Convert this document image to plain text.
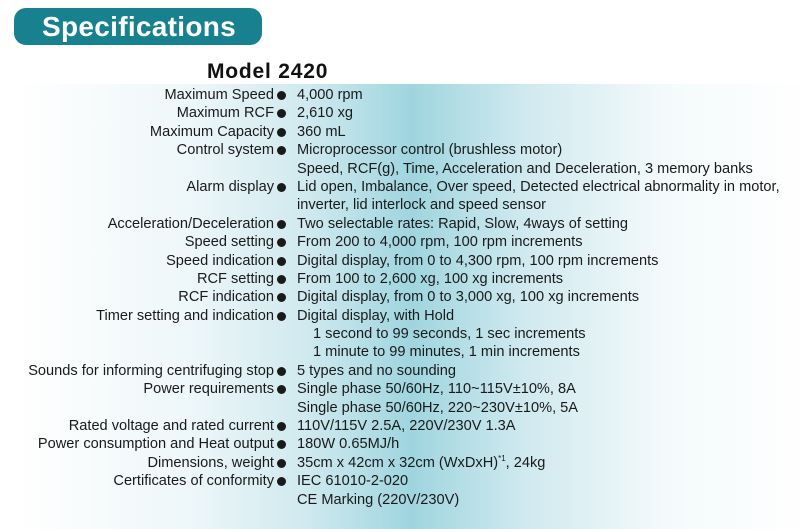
Specifications
Model 2420
Maximum Speed 4,000 rpm
Maximum RCF 2,610 xg
Maximum Capacity 360 mL
Control system Microprocessor control (brushless motor)
Speed, RCF(g), Time, Acceleration and Deceleration, 3 memory banks
Alarm display Lid open, Imbalance, Over speed, Detected electrical abnormality in motor,
inverter, lid interlock and speed sensor
Acceleration/Deceleration Two selectable rates: Rapid, Slow, 4ways of setting
Speed setting From 200 to 4,000 rpm, 100 rpm increments
Speed indication Digital display, from 0 to 4,300 rpm, 100 rpm increments
RCF setting From 100 to 2,600 xg, 100 xg increments
RCF indication Digital display, from 0 to 3,000 xg, 100 xg increments
Timer setting and indication Digital display, with Hold
1 second to 99 seconds, 1 sec increments
1 minute to 99 minutes, 1 min increments
Sounds for informing centrifuging stop 5 types and no sounding
Power requirements Single phase 50/60Hz, 110~115V±10%, 8A
Single phase 50/60Hz, 220~230V±10%, 5A
Rated voltage and rated current 110V/115V 2.5A, 220V/230V 1.3A
Power consumption and Heat output 180W 0.65MJ/h
Dimensions, weight 35cm x 42cm x 32cm (WxDxH)$^{*1}$, 24kg
Certificates of conformity IEC 61010-2-020
CE Marking (220V/230V)
